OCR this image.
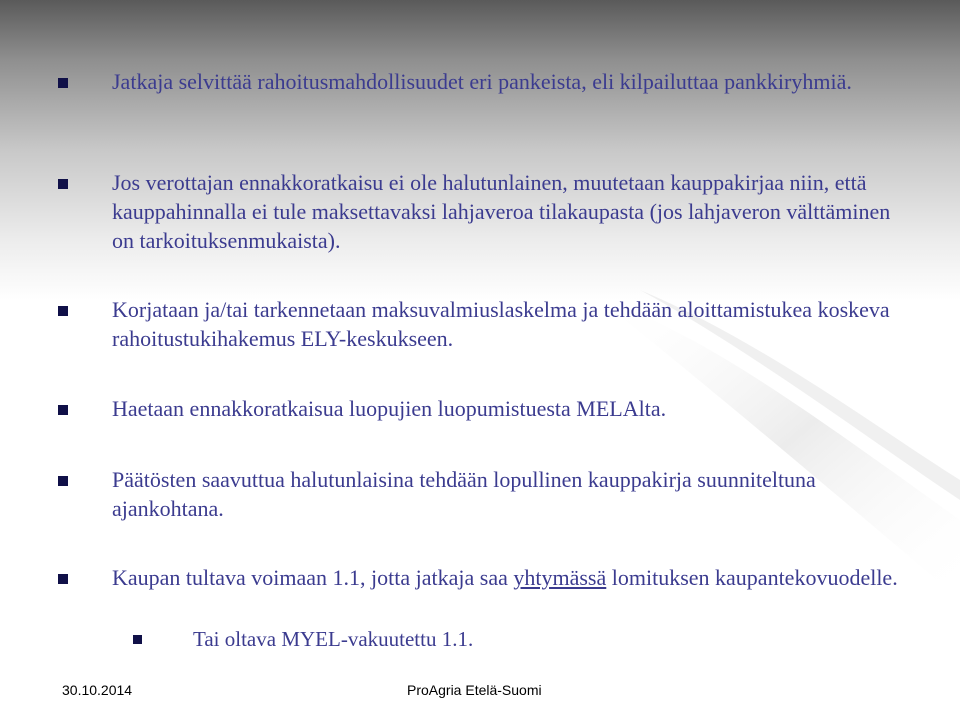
Jatkaja selvittää rahoitusmahdollisuudet eri pankeista, eli kilpailuttaa pankkiryhmiä.
Jos verottajan ennakkoratkaisu ei ole halutunlainen, muutetaan kauppakirjaa niin, että kauppahinnalla ei tule maksettavaksi lahjaveroa tilakaupasta (jos lahjaveron välttäminen on tarkoituksenmukaista).
Korjataan ja/tai tarkennetaan maksuvalmiuslaskelma ja tehdään aloittamistukea koskeva rahoitustukihakemus ELY-keskukseen.
Haetaan ennakkoratkaisua luopujien luopumistuesta MELAlta.
Päätösten saavuttua halutunlaisina tehdään lopullinen kauppakirja suunniteltuna ajankohtana.
Kaupan tultava voimaan 1.1, jotta jatkaja saa yhtymässä lomituksen kaupantekovuodelle.
Tai oltava MYEL-vakuutettu 1.1.
30.10.2014	ProAgria Etelä-Suomi
